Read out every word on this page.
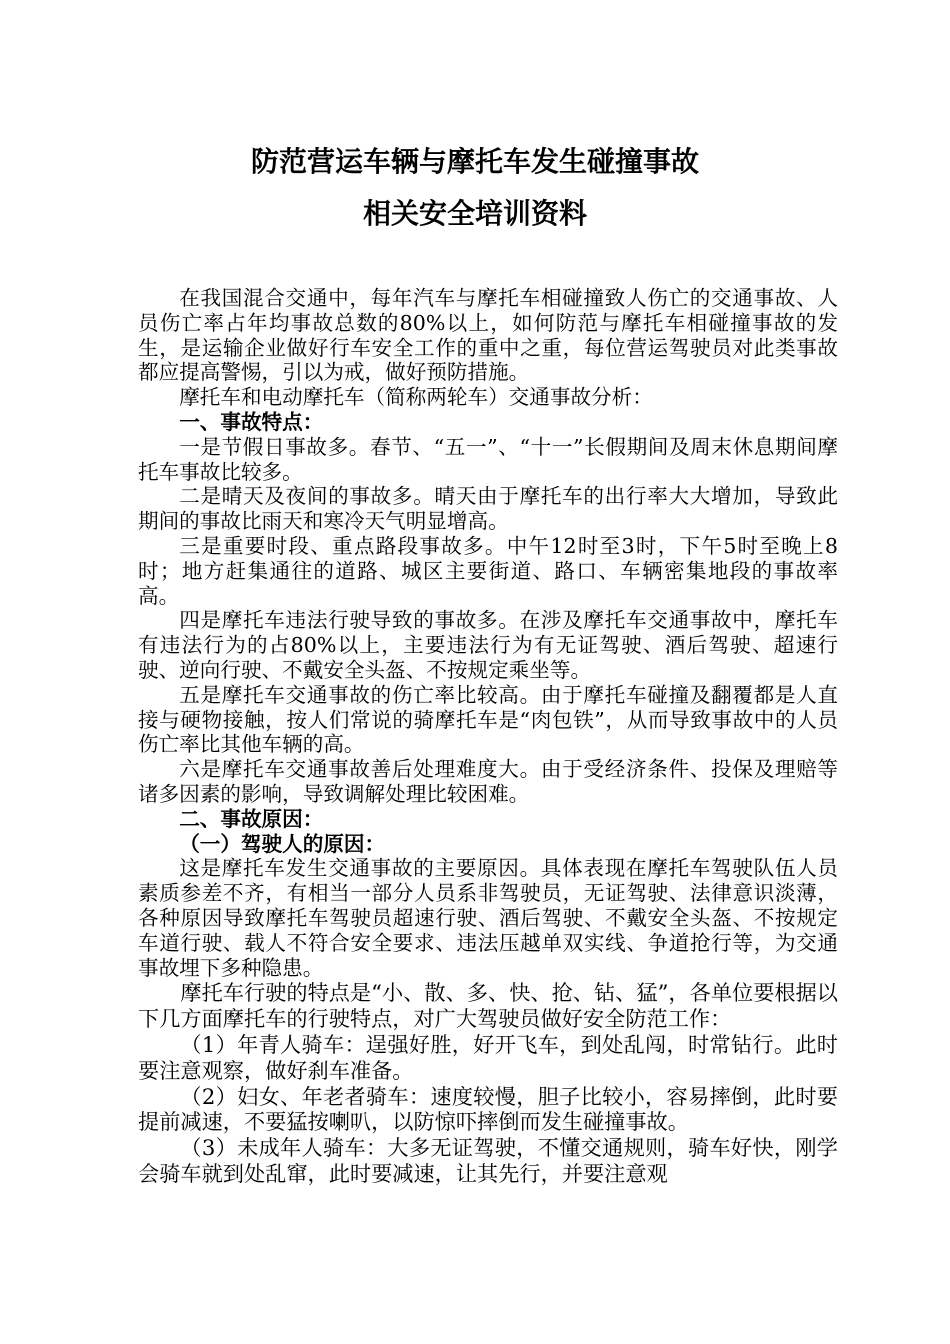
防范营运车辆与摩托车发生碰撞事故
相关安全培训资料

在我国混合交通中，每年汽车与摩托车相碰撞致人伤亡的交通事故、人员伤亡率占年均事故总数的80%以上，如何防范与摩托车相碰撞事故的发生，是运输企业做好行车安全工作的重中之重，每位营运驾驶员对此类事故都应提高警惕，引以为戒，做好预防措施。

摩托车和电动摩托车（简称两轮车）交通事故分析：

一、事故特点：

一是节假日事故多。春节、“五一”、“十一”长假期间及周末休息期间摩托车事故比较多。

二是晴天及夜间的事故多。晴天由于摩托车的出行率大大增加，导致此期间的事故比雨天和寒冷天气明显增高。

三是重要时段、重点路段事故多。中午12时至3时，下午5时至晚上8时；地方赶集通往的道路、城区主要街道、路口、车辆密集地段的事故率高。

四是摩托车违法行驶导致的事故多。在涉及摩托车交通事故中，摩托车有违法行为的占80%以上，主要违法行为有无证驾驶、酒后驾驶、超速行驶、逆向行驶、不戴安全头盔、不按规定乘坐等。

五是摩托车交通事故的伤亡率比较高。由于摩托车碰撞及翻覆都是人直接与硬物接触，按人们常说的骑摩托车是“肉包铁”，从而导致事故中的人员伤亡率比其他车辆的高。

六是摩托车交通事故善后处理难度大。由于受经济条件、投保及理赔等诸多因素的影响，导致调解处理比较困难。

二、事故原因：

（一）驾驶人的原因：

这是摩托车发生交通事故的主要原因。具体表现在摩托车驾驶队伍人员素质参差不齐，有相当一部分人员系非驾驶员，无证驾驶、法律意识淡薄，各种原因导致摩托车驾驶员超速行驶、酒后驾驶、不戴安全头盔、不按规定车道行驶、载人不符合安全要求、违法压越单双实线、争道抢行等，为交通事故埋下多种隐患。

摩托车行驶的特点是“小、散、多、快、抢、钻、猛”，各单位要根据以下几方面摩托车的行驶特点，对广大驾驶员做好安全防范工作：

（1）年青人骑车：逞强好胜，好开飞车，到处乱闯，时常钻行。此时要注意观察，做好刹车准备。

（2）妇女、年老者骑车：速度较慢，胆子比较小，容易摔倒，此时要提前减速，不要猛按喇叭，以防惊吓摔倒而发生碰撞事故。

（3）未成年人骑车：大多无证驾驶，不懂交通规则，骑车好快，刚学会骑车就到处乱窜，此时要减速，让其先行，并要注意观
